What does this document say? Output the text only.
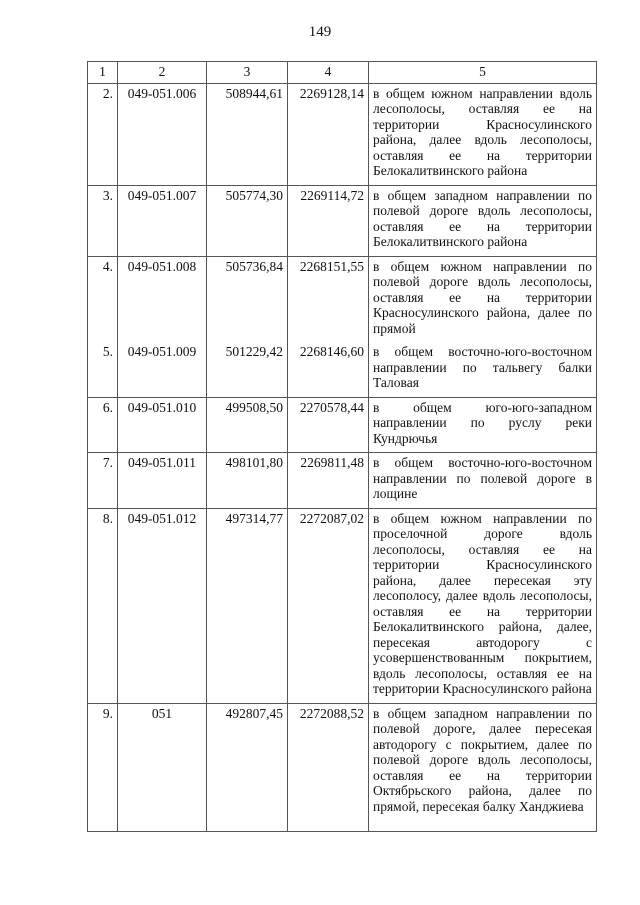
149
1	2	3	4	5
2.	049-051.006	508944,61	2269128,14	в общем южном направлении вдоль лесополосы, оставляя ее на территории Красносулинского района, далее вдоль лесополосы, оставляя ее на территории Белокалитвинского района
3.	049-051.007	505774,30	2269114,72	в общем западном направлении по полевой дороге вдоль лесополосы, оставляя ее на территории Белокалитвинского района
4.	049-051.008	505736,84	2268151,55	в общем южном направлении по полевой дороге вдоль лесополосы, оставляя ее на территории Красносулинского района, далее по прямой
5.	049-051.009	501229,42	2268146,60	в общем восточно-юго-восточном направлении по тальвегу балки Таловая
6.	049-051.010	499508,50	2270578,44	в общем юго-юго-западном направлении по руслу реки Кундрючья
7.	049-051.011	498101,80	2269811,48	в общем восточно-юго-восточном направлении по полевой дороге в лощине
8.	049-051.012	497314,77	2272087,02	в общем южном направлении по проселочной дороге вдоль лесополосы, оставляя ее на территории Красносулинского района, далее пересекая эту лесополосу, далее вдоль лесополосы, оставляя ее на территории Белокалитвинского района, далее, пересекая автодорогу с усовершенствованным покрытием, вдоль лесополосы, оставляя ее на территории Красносулинского района
9.	051	492807,45	2272088,52	в общем западном направлении по полевой дороге, далее пересекая автодорогу с покрытием, далее по полевой дороге вдоль лесополосы, оставляя ее на территории Октябрьского района, далее по прямой, пересекая балку Ханджиева
